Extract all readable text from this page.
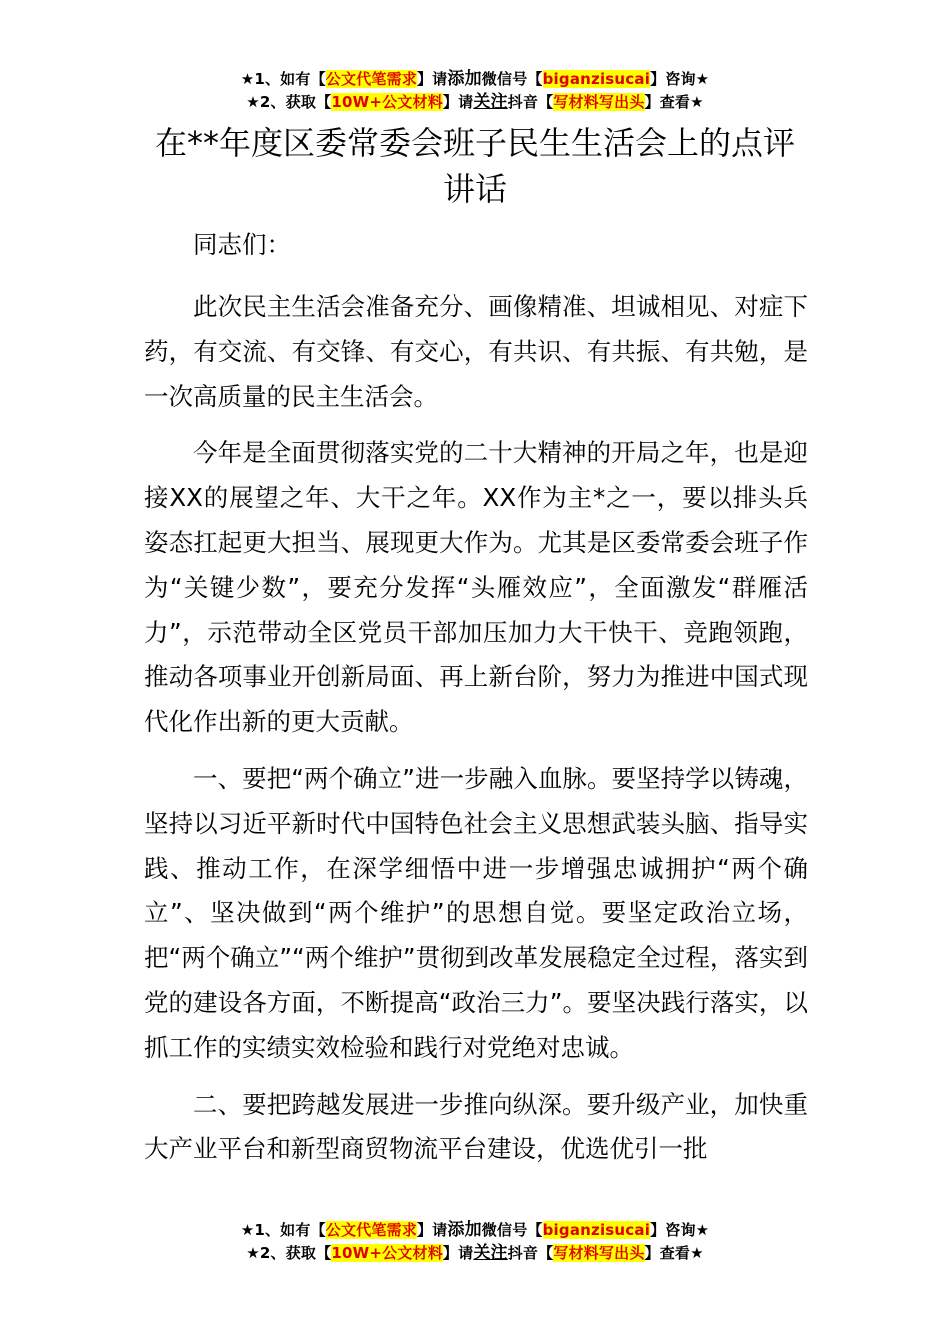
★1、如有【公文代笔需求】请添加微信号【biganzisucai】咨询★
★2、获取【10W+公文材料】请关注抖音【写材料写出头】查看★
在**年度区委常委会班子民生生活会上的点评讲话

同志们：

此次民主生活会准备充分、画像精准、坦诚相见、对症下药，有交流、有交锋、有交心，有共识、有共振、有共勉，是一次高质量的民主生活会。

今年是全面贯彻落实党的二十大精神的开局之年，也是迎接XX的展望之年、大干之年。XX作为主*之一，要以排头兵姿态扛起更大担当、展现更大作为。尤其是区委常委会班子作为“关键少数”，要充分发挥“头雁效应”，全面激发“群雁活力”，示范带动全区党员干部加压加力大干快干、竞跑领跑，推动各项事业开创新局面、再上新台阶，努力为推进中国式现代化作出新的更大贡献。

一、要把“两个确立”进一步融入血脉。要坚持学以铸魂，坚持以习近平新时代中国特色社会主义思想武装头脑、指导实践、推动工作，在深学细悟中进一步增强忠诚拥护“两个确立”、坚决做到“两个维护”的思想自觉。要坚定政治立场，把“两个确立”“两个维护”贯彻到改革发展稳定全过程，落实到党的建设各方面，不断提高“政治三力”。要坚决践行落实，以抓工作的实绩实效检验和践行对党绝对忠诚。

二、要把跨越发展进一步推向纵深。要升级产业，加快重大产业平台和新型商贸物流平台建设，优选优引一批

★1、如有【公文代笔需求】请添加微信号【biganzisucai】咨询★
★2、获取【10W+公文材料】请关注抖音【写材料写出头】查看★
